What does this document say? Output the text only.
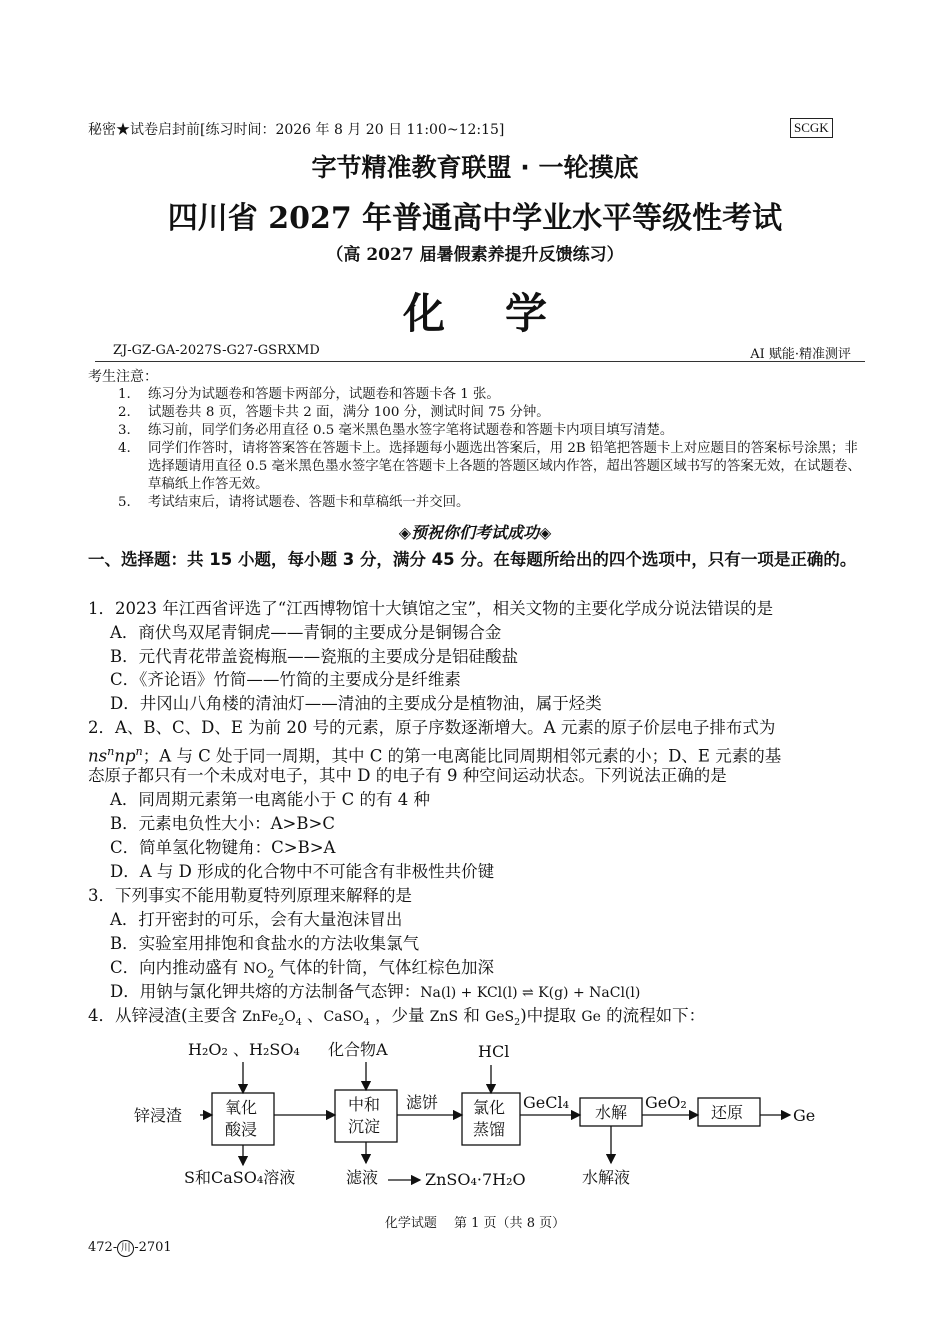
秘密★试卷启封前[练习时间：2026 年 8 月 20 日 11:00~12:15]	SCGK
字节精准教育联盟 · 一轮摸底
四川省 2027 年普通高中学业水平等级性考试
（高 2027 届暑假素养提升反馈练习）
化学
ZJ-GZ-GA-2027S-G27-GSRXMD	AI 赋能·精准测评
考生注意：
1.	练习分为试题卷和答题卡两部分，试题卷和答题卡各 1 张。
2.	试题卷共 8 页，答题卡共 2 面，满分 100 分，测试时间 75 分钟。
3.	练习前，同学们务必用直径 0.5 毫米黑色墨水签字笔将试题卷和答题卡内项目填写清楚。
4.	同学们作答时，请将答案答在答题卡上。选择题每小题选出答案后，用 2B 铅笔把答题卡上对应题目的答案标号涂黑；非选择题请用直径 0.5 毫米黑色墨水签字笔在答题卡上各题的答题区域内作答，超出答题区域书写的答案无效，在试题卷、草稿纸上作答无效。
5.	考试结束后，请将试题卷、答题卡和草稿纸一并交回。
◈预祝你们考试成功◈
一、选择题：共 15 小题，每小题 3 分，满分 45 分。在每题所给出的四个选项中，只有一项是正确的。
1．2023 年江西省评选了“江西博物馆十大镇馆之宝”，相关文物的主要化学成分说法错误的是
A．商伏鸟双尾青铜虎——青铜的主要成分是铜锡合金
B．元代青花带盖瓷梅瓶——瓷瓶的主要成分是铝硅酸盐
C．《齐论语》竹简——竹简的主要成分是纤维素
D．井冈山八角楼的清油灯——清油的主要成分是植物油，属于烃类
2．A、B、C、D、E 为前 20 号的元素，原子序数逐渐增大。A 元素的原子价层电子排布式为
$ns^nnp^n$；A 与 C 处于同一周期，其中 C 的第一电离能比同周期相邻元素的小；D、E 元素的基
态原子都只有一个未成对电子，其中 D 的电子有 9 种空间运动状态。下列说法正确的是
A．同周期元素第一电离能小于 C 的有 4 种
B．元素电负性大小：A>B>C
C．简单氢化物键角：C>B>A
D．A 与 D 形成的化合物中不可能含有非极性共价键
3．下列事实不能用勒夏特列原理来解释的是
A．打开密封的可乐，会有大量泡沫冒出
B．实验室用排饱和食盐水的方法收集氯气
C．向内推动盛有 $NO_2$ 气体的针筒，气体红棕色加深
D．用钠与氯化钾共熔的方法制备气态钾：Na(l) + KCl(l) ⇌ K(g) + NaCl(l)
4．从锌浸渣(主要含 $ZnFe_2O_4$ 、CaSO$_4$ ，少量 ZnS 和 GeS$_2$)中提取 Ge 的流程如下：
H₂O₂ 、H₂SO₄ 化合物A	HCl
锌浸渣	氧化
酸浸
中和
沉淀
氯化
蒸馏
水解	还原
滤饼	GeCl₄	GeO₂
Ge
S和CaSO₄溶液	滤液	ZnSO₄·7H₂O	水解液
化学试题　 第 1 页（共 8 页）
472- 川 -2701
